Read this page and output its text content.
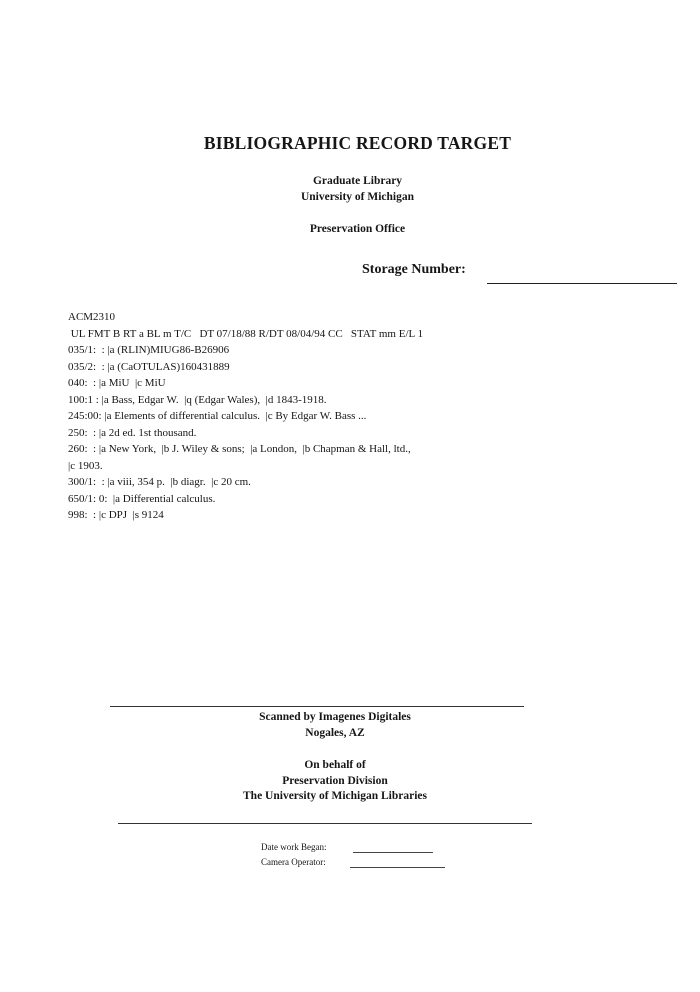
BIBLIOGRAPHIC RECORD TARGET
Graduate Library
University of Michigan
Preservation Office
Storage Number:
ACM2310
UL FMT B RT a BL m T/C   DT 07/18/88 R/DT 08/04/94 CC   STAT mm E/L 1
035/1:  : |a (RLIN)MIUG86-B26906
035/2:  : |a (CaOTULAS)160431889
040:  : |a MiU  |c MiU
100:1 : |a Bass, Edgar W.  |q (Edgar Wales),  |d 1843-1918.
245:00: |a Elements of differential calculus.  |c By Edgar W. Bass ...
250:  : |a 2d ed. 1st thousand.
260:  : |a New York,  |b J. Wiley & sons;  |a London,  |b Chapman & Hall, ltd.,
|c 1903.
300/1:  : |a viii, 354 p.  |b diagr.  |c 20 cm.
650/1: 0:  |a Differential calculus.
998:  : |c DPJ  |s 9124
Scanned by Imagenes Digitales
Nogales, AZ
On behalf of
Preservation Division
The University of Michigan Libraries
Date work Began:
Camera Operator:
